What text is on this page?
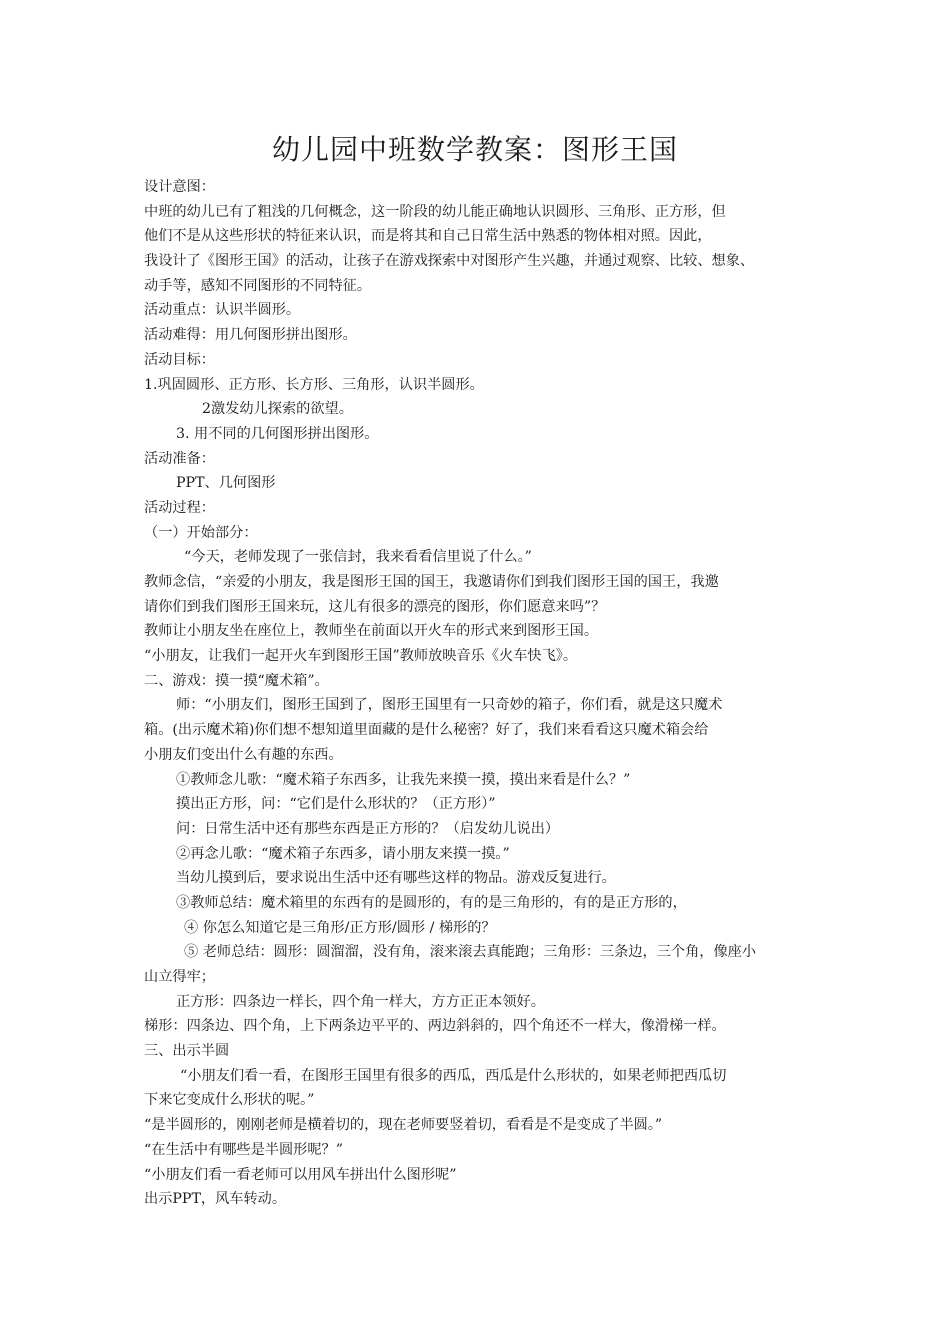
幼儿园中班数学教案：图形王国
设计意图：
中班的幼儿已有了粗浅的几何概念，这一阶段的幼儿能正确地认识圆形、三角形、正方形，但
他们不是从这些形状的特征来认识，而是将其和自己日常生活中熟悉的物体相对照。因此，
我设计了《图形王国》的活动，让孩子在游戏探索中对图形产生兴趣，并通过观察、比较、想象、
动手等，感知不同图形的不同特征。
活动重点：认识半圆形。
活动难得：用几何图形拼出图形。
活动目标：
1.巩固圆形、正方形、长方形、三角形，认识半圆形。
2激发幼儿探索的欲望。
3. 用不同的几何图形拼出图形。
活动准备：
PPT、几何图形
活动过程：
（一）开始部分：
“今天，老师发现了一张信封，我来看看信里说了什么。”
教师念信，“亲爱的小朋友，我是图形王国的国王，我邀请你们到我们图形王国的国王，我邀
请你们到我们图形王国来玩，这儿有很多的漂亮的图形，你们愿意来吗”？
教师让小朋友坐在座位上，教师坐在前面以开火车的形式来到图形王国。
“小朋友，让我们一起开火车到图形王国”教师放映音乐《火车快飞》。
二、游戏：摸一摸“魔术箱”。
师：“小朋友们，图形王国到了，图形王国里有一只奇妙的箱子，你们看，就是这只魔术
箱。(出示魔术箱)你们想不想知道里面藏的是什么秘密？好了，我们来看看这只魔术箱会给
小朋友们变出什么有趣的东西。
①教师念儿歌：“魔术箱子东西多，让我先来摸一摸，摸出来看是什么？”
摸出正方形，问：“它们是什么形状的？（正方形）”
问：日常生活中还有那些东西是正方形的？（启发幼儿说出）
②再念儿歌：“魔术箱子东西多，请小朋友来摸一摸。”
当幼儿摸到后，要求说出生活中还有哪些这样的物品。游戏反复进行。
③教师总结：魔术箱里的东西有的是圆形的，有的是三角形的，有的是正方形的，
④ 你怎么知道它是三角形/正方形/圆形 / 梯形的？
⑤ 老师总结：圆形：圆溜溜，没有角，滚来滚去真能跑；三角形：三条边，三个角，像座小
山立得牢；
正方形：四条边一样长，四个角一样大，方方正正本领好。
梯形：四条边、四个角，上下两条边平平的、两边斜斜的，四个角还不一样大，像滑梯一样。
三、出示半圆
“小朋友们看一看，在图形王国里有很多的西瓜，西瓜是什么形状的，如果老师把西瓜切
下来它变成什么形状的呢。”
“是半圆形的，刚刚老师是横着切的，现在老师要竖着切，看看是不是变成了半圆。”
“在生活中有哪些是半圆形呢？”
“小朋友们看一看老师可以用风车拼出什么图形呢”
出示PPT，风车转动。
